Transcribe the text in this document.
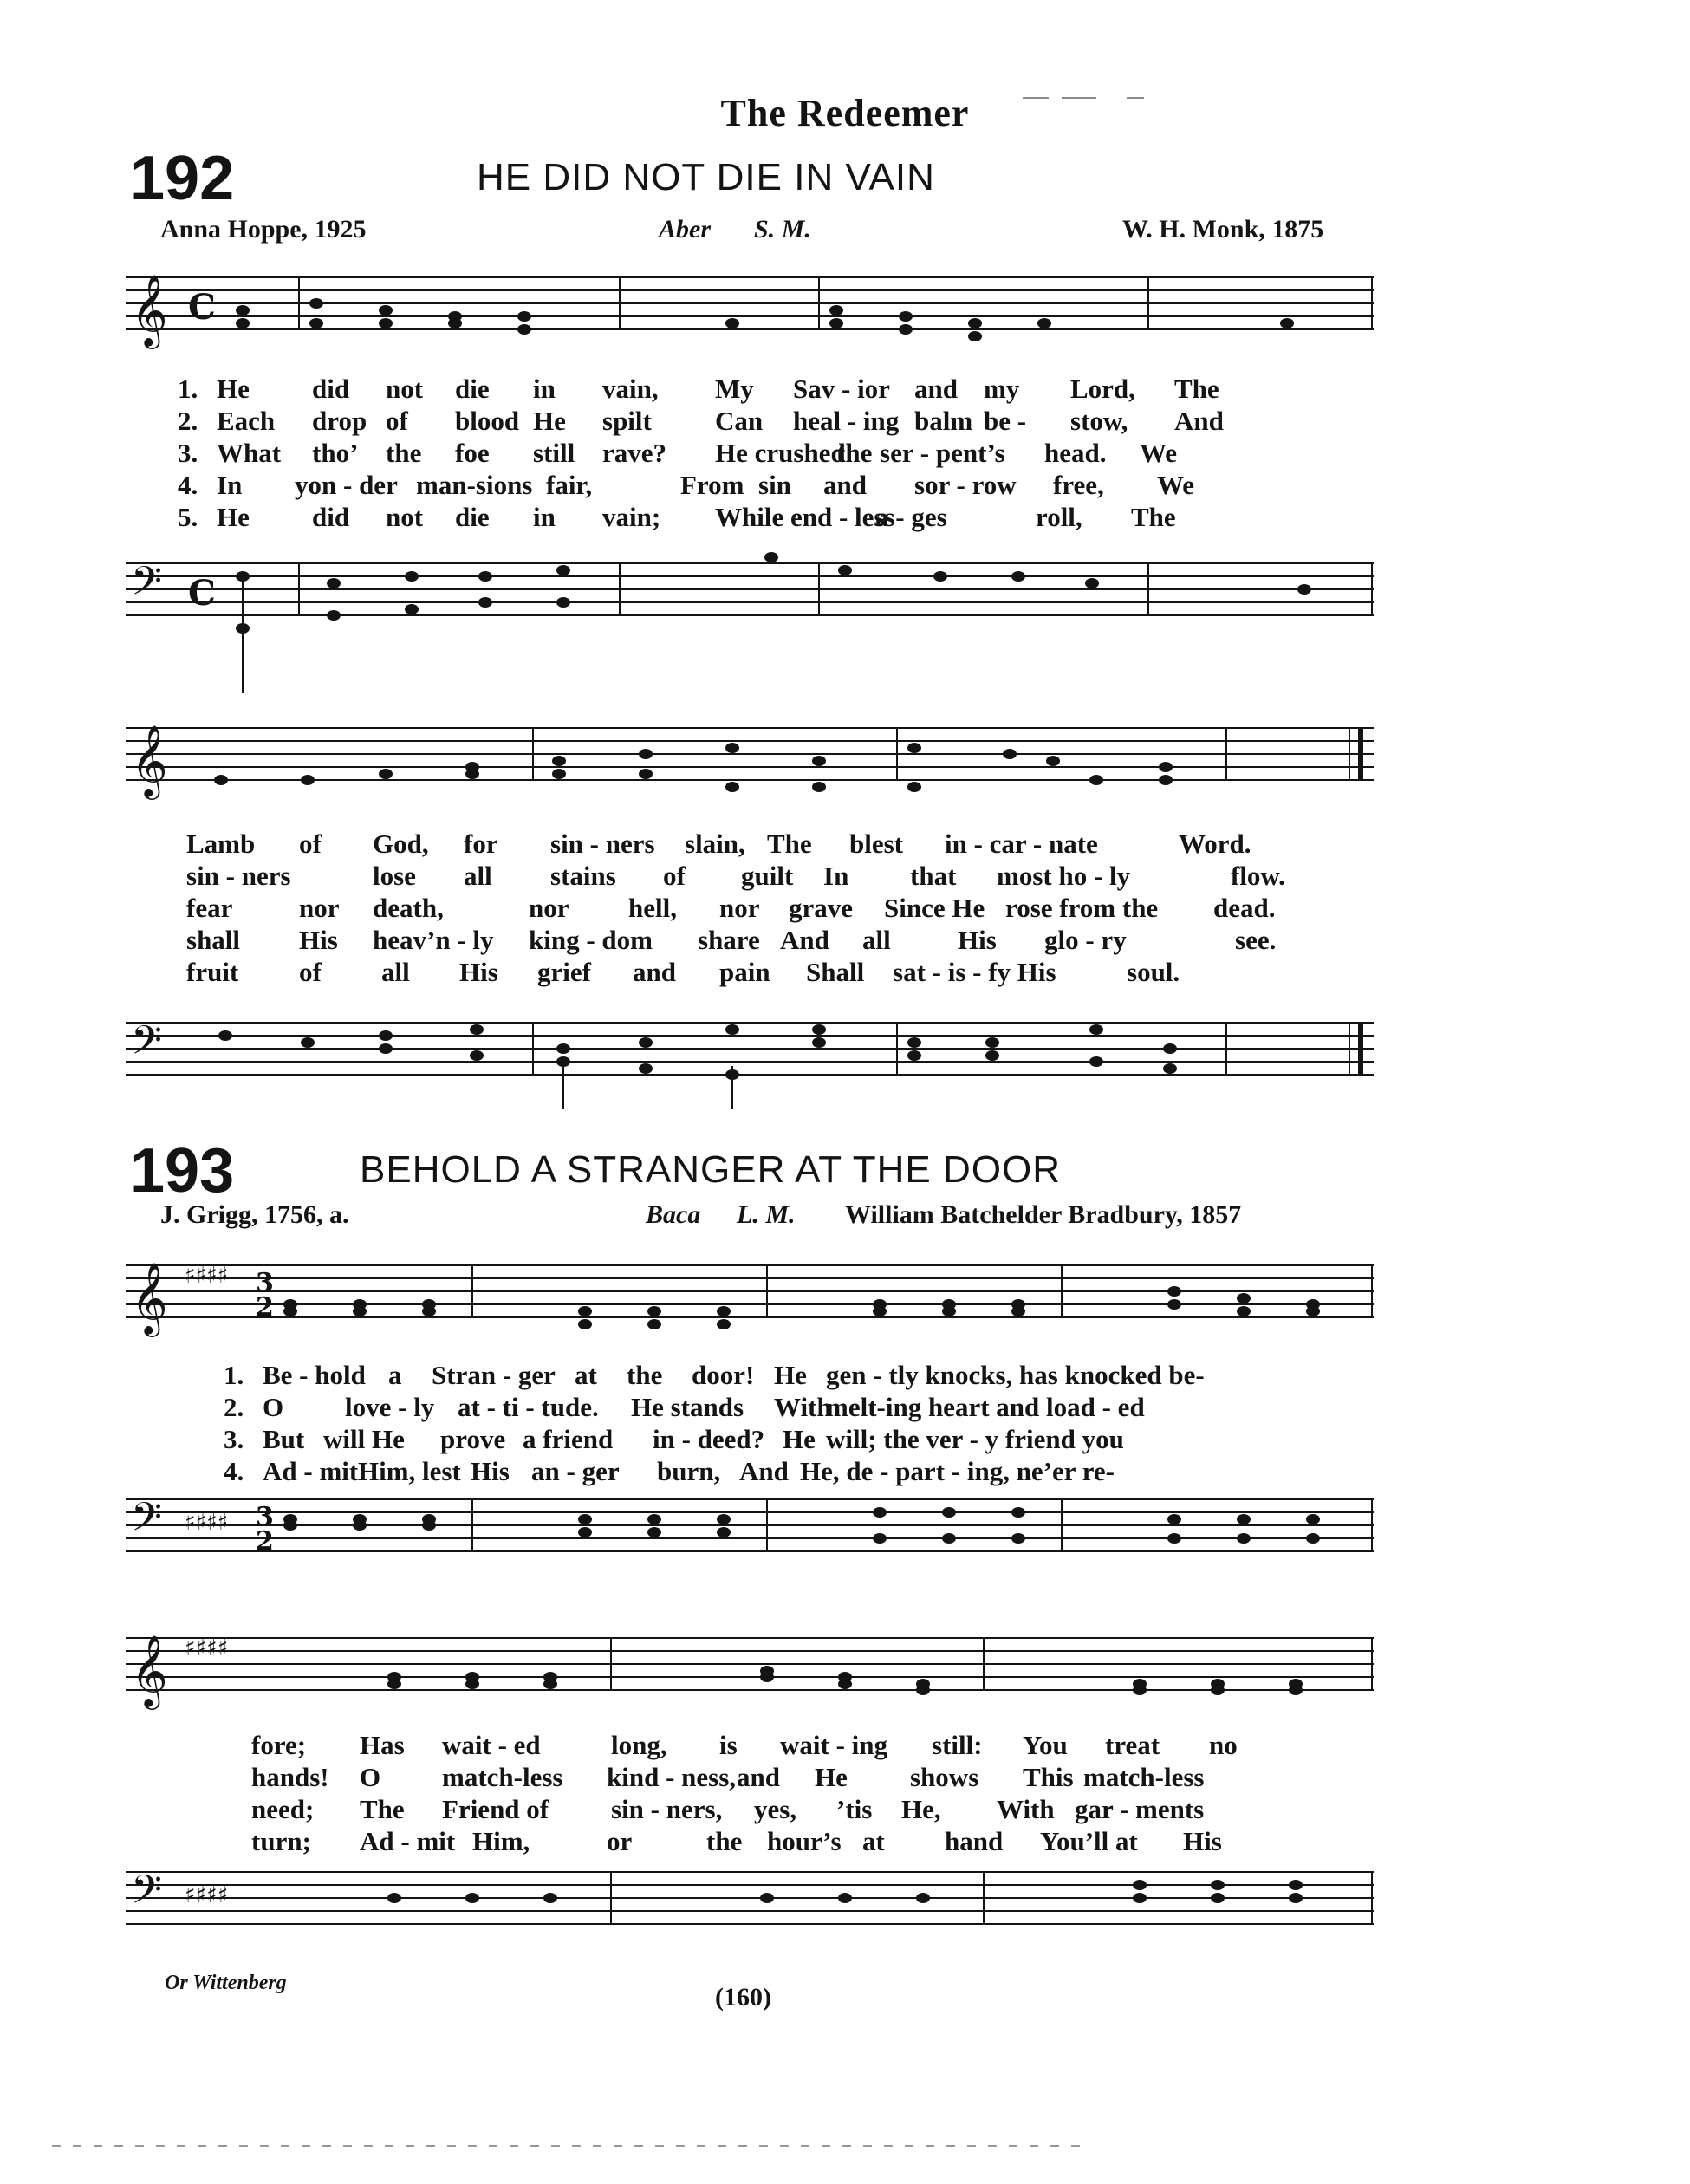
The Redeemer
192	HE DID NOT DIE IN VAIN
Anna Hoppe, 1925	Aber S. M.	W. H. Monk, 1875
𝄞 C
1. He	did	not	die	in	vain,	My	Sav - ior and my	Lord,	The
2. Each	drop of	blood He	spilt	Can	heal - ing balm be -	stow,	And
3. What	tho’	the	foe	still	rave?	He crushed
the ser - pent’s	head.	We
4. In	yon - der man-sions fair,	From sin	and	sor - row	free,	We
5. He	did	not	die	in	vain;	While end - less
a - ges	roll,	The
𝄢 C
𝄞
Lamb	of	God,	for	sin - ners	slain, The	blest	in - car - nate	Word.
sin - ners	lose	all	stains	of	guilt	In	that	most ho - ly	flow.
fear	nor	death,	nor	hell,	nor	grave	Since He rose from the	dead.
shall	His	heav’n - ly	king - dom	share And	all	His	glo - ry	see.
fruit	of	all	His	grief	and	pain	Shall	sat - is - fy His	soul.
𝄢
193	BEHOLD A STRANGER AT THE DOOR
J. Grigg, 1756, a.	Baca L. M. William Batchelder Bradbury, 1857
𝄞 ♯♯♯♯ 3
2
1. Be - hold a	Stran - ger at	the	door! He gen - tly knocks, has knocked be-
2. O	love - ly at - ti - tude.	He stands	With
melt-ing heart and load - ed
3. But will He	prove a friend	in - deed? He will; the ver - y friend you
4. Ad - mit Him, lest His an - ger	burn, And He, de - part - ing, ne’er re-
𝄢 ♯♯♯♯ 3
2
𝄞 ♯♯♯♯
fore;	Has	wait - ed	long,	is	wait - ing	still:	You	treat	no
hands!	O	match-less	kind - ness, and	He	shows	This match-less
need;	The	Friend of	sin - ners,	yes,	’tis	He,	With gar - ments
turn;	Ad - mit Him,	or	the hour’s at	hand	You’ll at	His
𝄢 ♯♯♯♯
Or Wittenberg	(160)
